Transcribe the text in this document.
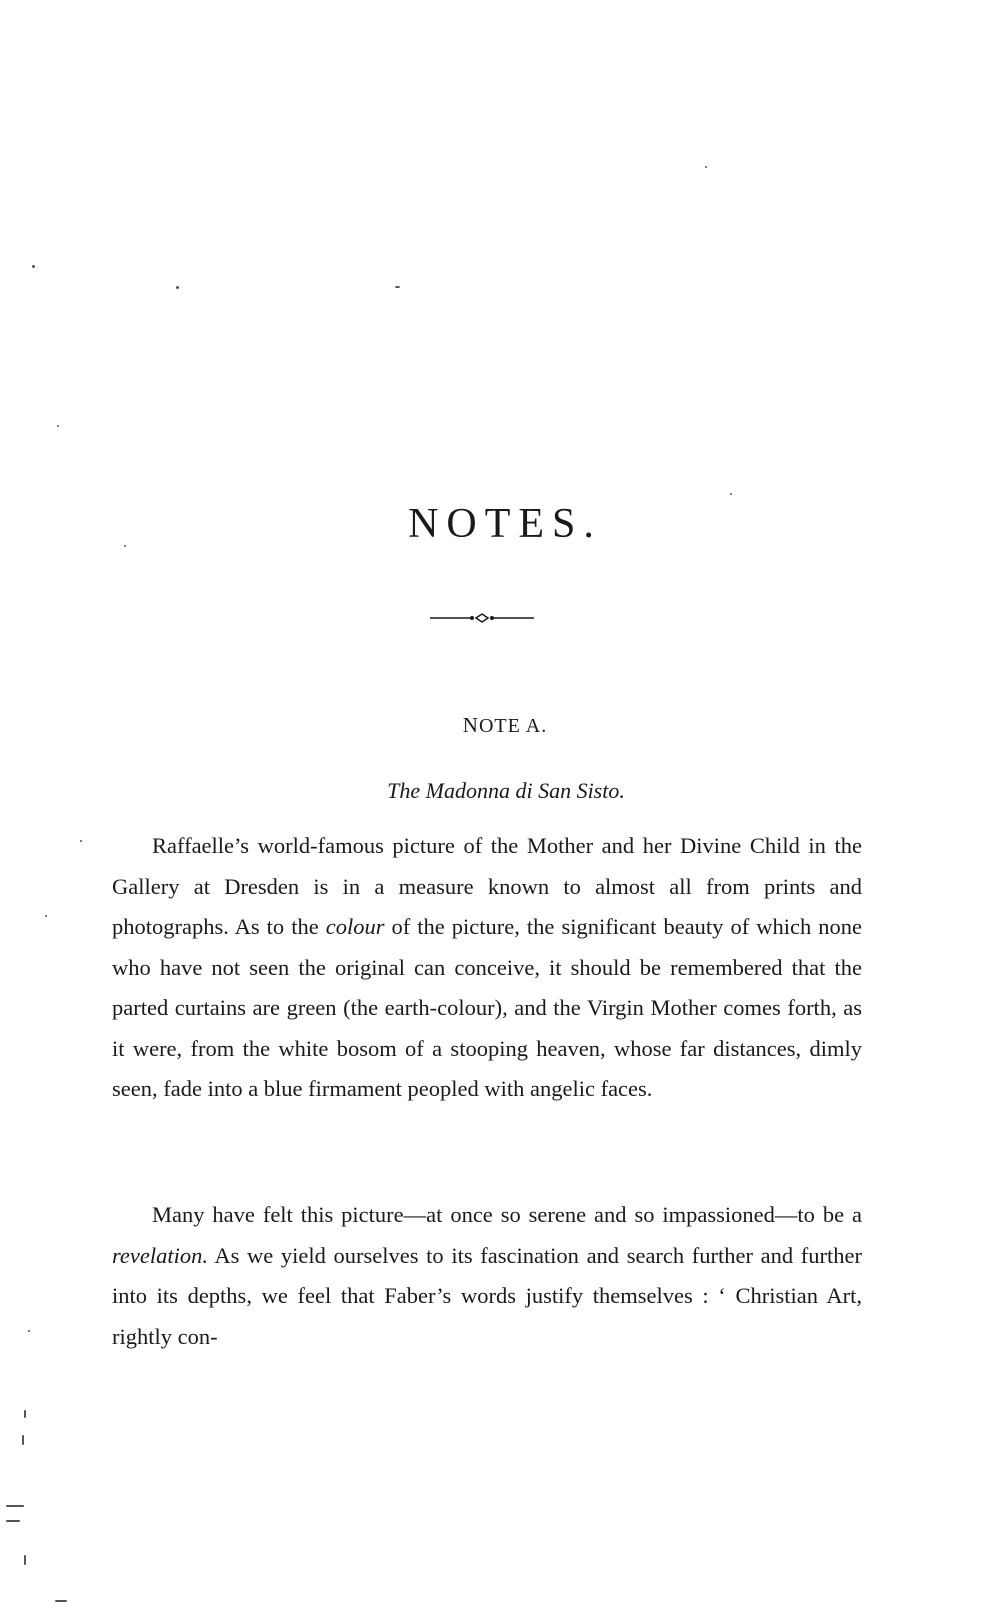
NOTES.
NOTE A.
The Madonna di San Sisto.

Raffaelle’s world-famous picture of the Mother and her Divine Child in the Gallery at Dresden is in a measure known to almost all from prints and photographs. As to the colour of the picture, the significant beauty of which none who have not seen the original can conceive, it should be remembered that the parted curtains are green (the earth-colour), and the Virgin Mother comes forth, as it were, from the white bosom of a stooping heaven, whose far distances, dimly seen, fade into a blue firmament peopled with angelic faces.

Many have felt this picture—at once so serene and so impassioned—to be a revelation. As we yield ourselves to its fascination and search further and further into its depths, we feel that Faber’s words justify themselves : ‘ Christian Art, rightly con-
